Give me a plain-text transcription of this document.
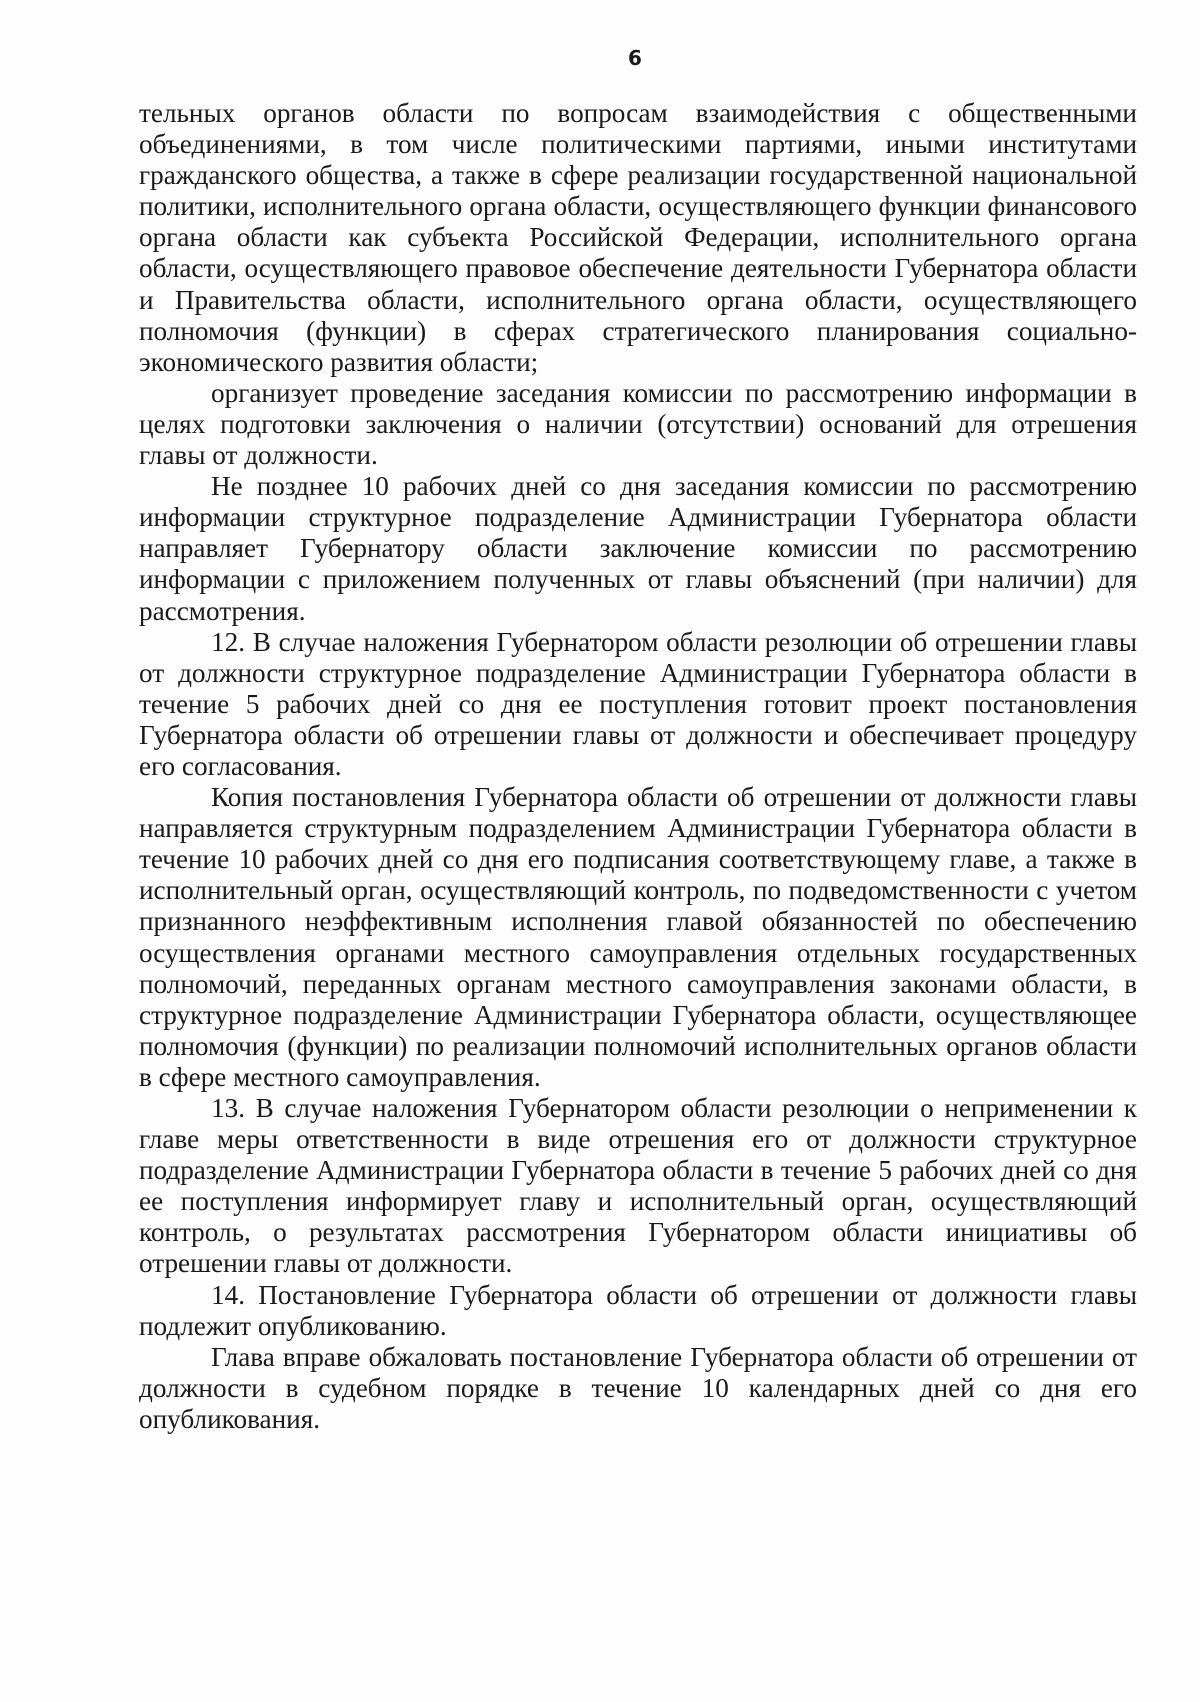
6

тельных органов области по вопросам взаимодействия с общественными объединениями, в том числе политическими партиями, иными институтами гражданского общества, а также в сфере реализации государственной национальной политики, исполнительного органа области, осуществляющего функции финансового органа области как субъекта Российской Федерации, исполнительного органа области, осуществляющего правовое обеспечение деятельности Губернатора области и Правительства области, исполнительного органа области, осуществляющего полномочия (функции) в сферах стратегического планирования социально-экономического развития области;

организует проведение заседания комиссии по рассмотрению информации в целях подготовки заключения о наличии (отсутствии) оснований для отрешения главы от должности.

Не позднее 10 рабочих дней со дня заседания комиссии по рассмотрению информации структурное подразделение Администрации Губернатора области направляет Губернатору области заключение комиссии по рассмотрению информации с приложением полученных от главы объяснений (при наличии) для рассмотрения.

12. В случае наложения Губернатором области резолюции об отрешении главы от должности структурное подразделение Администрации Губернатора области в течение 5 рабочих дней со дня ее поступления готовит проект постановления Губернатора области об отрешении главы от должности и обеспечивает процедуру его согласования.

Копия постановления Губернатора области об отрешении от должности главы направляется структурным подразделением Администрации Губернатора области в течение 10 рабочих дней со дня его подписания соответствующему главе, а также в исполнительный орган, осуществляющий контроль, по подведомственности с учетом признанного неэффективным исполнения главой обязанностей по обеспечению осуществления органами местного самоуправления отдельных государственных полномочий, переданных органам местного самоуправления законами области, в структурное подразделение Администрации Губернатора области, осуществляющее полномочия (функции) по реализации полномочий исполнительных органов области в сфере местного самоуправления.

13. В случае наложения Губернатором области резолюции о неприменении к главе меры ответственности в виде отрешения его от должности структурное подразделение Администрации Губернатора области в течение 5 рабочих дней со дня ее поступления информирует главу и исполнительный орган, осуществляющий контроль, о результатах рассмотрения Губернатором области инициативы об отрешении главы от должности.

14. Постановление Губернатора области об отрешении от должности главы подлежит опубликованию.

Глава вправе обжаловать постановление Губернатора области об отрешении от должности в судебном порядке в течение 10 календарных дней со дня его опубликования.
